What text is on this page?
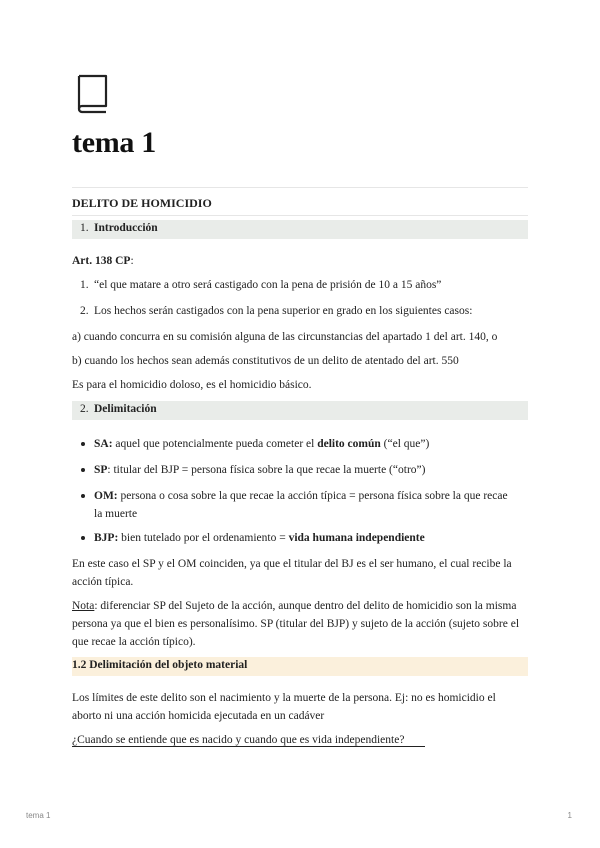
tema 1
DELITO DE HOMICIDIO
1. Introducción
Art. 138 CP:
1. “el que matare a otro será castigado con la pena de prisión de 10 a 15 años”
2. Los hechos serán castigados con la pena superior en grado en los siguientes casos:
a) cuando concurra en su comisión alguna de las circunstancias del apartado 1 del art. 140, o
b) cuando los hechos sean además constitutivos de un delito de atentado del art. 550
Es para el homicidio doloso, es el homicidio básico.
2. Delimitación
SA: aquel que potencialmente pueda cometer el delito común (“el que”)
SP: titular del BJP = persona física sobre la que recae la muerte (“otro”)
OM: persona o cosa sobre la que recae la acción típica = persona física sobre la que recae la muerte
BJP: bien tutelado por el ordenamiento = vida humana independiente
En este caso el SP y el OM coinciden, ya que el titular del BJ es el ser humano, el cual recibe la acción típica.
Nota: diferenciar SP del Sujeto de la acción, aunque dentro del delito de homicidio son la misma persona ya que el bien es personalísimo. SP (titular del BJP) y sujeto de la acción (sujeto sobre el que recae la acción típico).
1.2 Delimitación del objeto material
Los límites de este delito son el nacimiento y la muerte de la persona. Ej: no es homicidio el aborto ni una acción homicida ejecutada en un cadáver
¿Cuando se entiende que es nacido y cuando que es vida independiente?
tema 1	1
